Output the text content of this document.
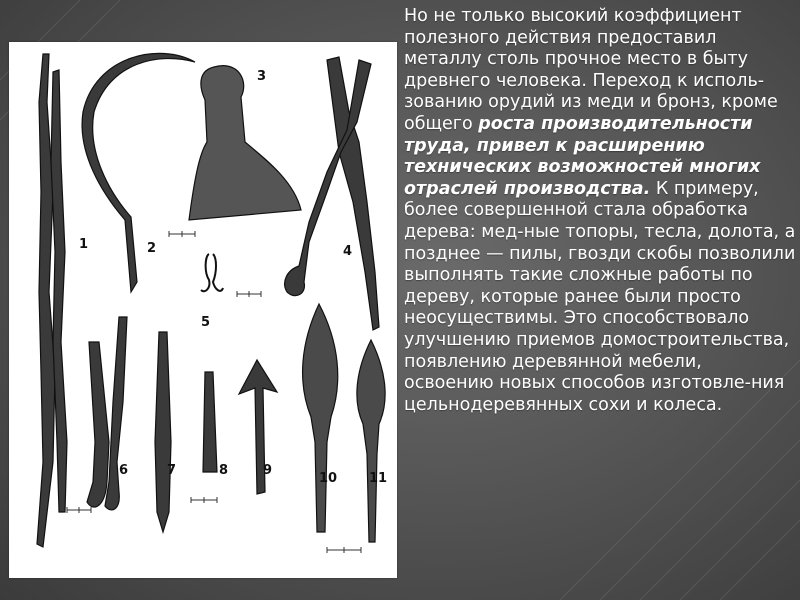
1	2
3
4
5
6	7	8	9
10 11
Но не только высокий коэффициент полезного действия предоставил металлу столь прочное место в быту древнего человека. Переход к исполь-зованию орудий из меди и бронз, кроме общего роста производительности труда, привел к расширению технических возможностей многих отраслей производства. К примеру, более совершенной стала обработка дерева: мед-ные топоры, тесла, долота, а позднее — пилы, гвозди скобы позволили выполнять такие сложные работы по дереву, которые ранее были просто неосуществимы. Это способствовало улучшению приемов домостроительства, появлению деревянной мебели, освоению новых способов изготовле-ния цельнодеревянных сохи и колеса.
